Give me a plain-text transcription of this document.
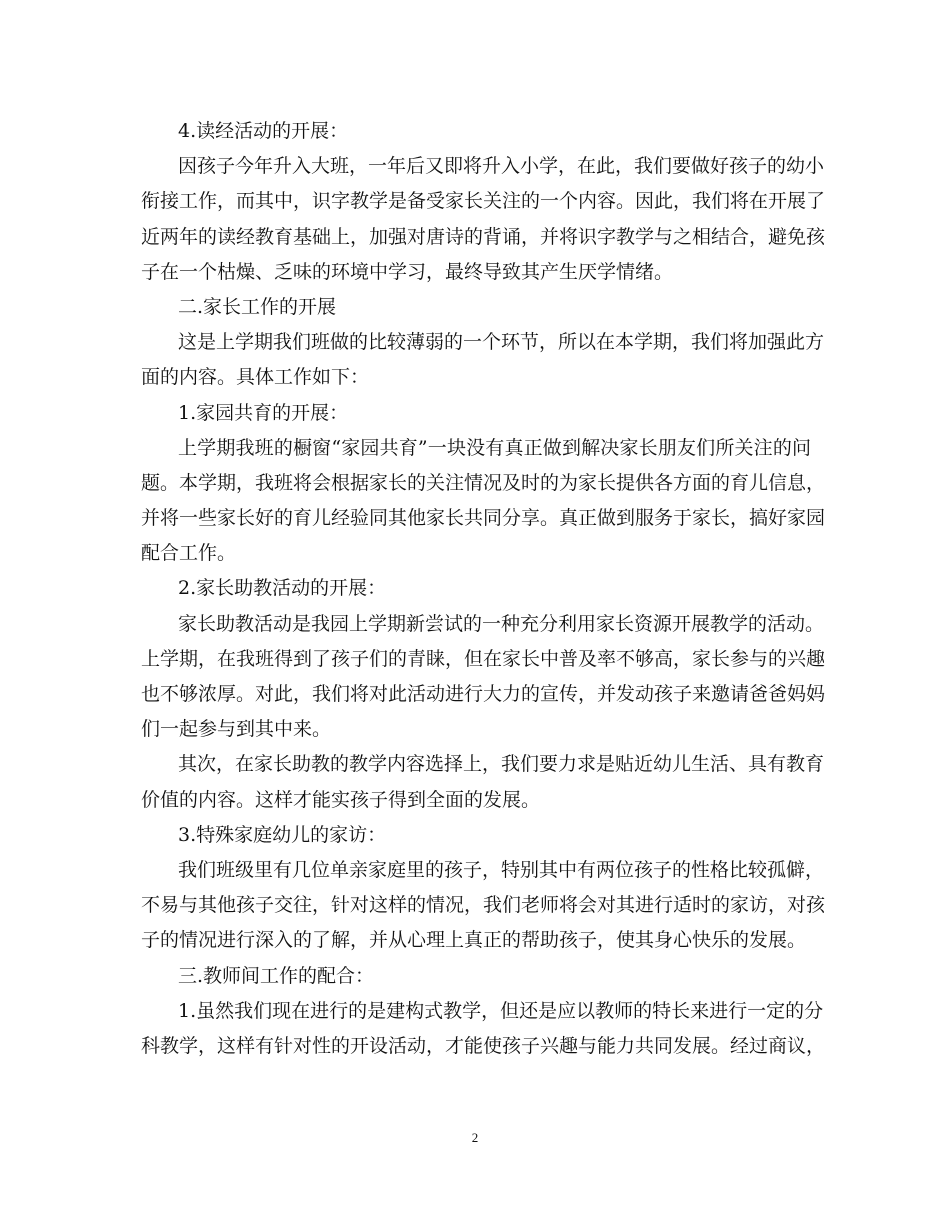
4.读经活动的开展：
因孩子今年升入大班，一年后又即将升入小学，在此，我们要做好孩子的幼小
衔接工作，而其中，识字教学是备受家长关注的一个内容。因此，我们将在开展了
近两年的读经教育基础上，加强对唐诗的背诵，并将识字教学与之相结合，避免孩
子在一个枯燥、乏味的环境中学习，最终导致其产生厌学情绪。
二.家长工作的开展
这是上学期我们班做的比较薄弱的一个环节，所以在本学期，我们将加强此方
面的内容。具体工作如下：
1.家园共育的开展：
上学期我班的橱窗“家园共育”一块没有真正做到解决家长朋友们所关注的问
题。本学期，我班将会根据家长的关注情况及时的为家长提供各方面的育儿信息，
并将一些家长好的育儿经验同其他家长共同分享。真正做到服务于家长，搞好家园
配合工作。
2.家长助教活动的开展：
家长助教活动是我园上学期新尝试的一种充分利用家长资源开展教学的活动。
上学期，在我班得到了孩子们的青睐，但在家长中普及率不够高，家长参与的兴趣
也不够浓厚。对此，我们将对此活动进行大力的宣传，并发动孩子来邀请爸爸妈妈
们一起参与到其中来。
其次，在家长助教的教学内容选择上，我们要力求是贴近幼儿生活、具有教育
价值的内容。这样才能实孩子得到全面的发展。
3.特殊家庭幼儿的家访：
我们班级里有几位单亲家庭里的孩子，特别其中有两位孩子的性格比较孤僻，
不易与其他孩子交往，针对这样的情况，我们老师将会对其进行适时的家访，对孩
子的情况进行深入的了解，并从心理上真正的帮助孩子，使其身心快乐的发展。
三.教师间工作的配合：
1.虽然我们现在进行的是建构式教学，但还是应以教师的特长来进行一定的分
科教学，这样有针对性的开设活动，才能使孩子兴趣与能力共同发展。经过商议，
2
